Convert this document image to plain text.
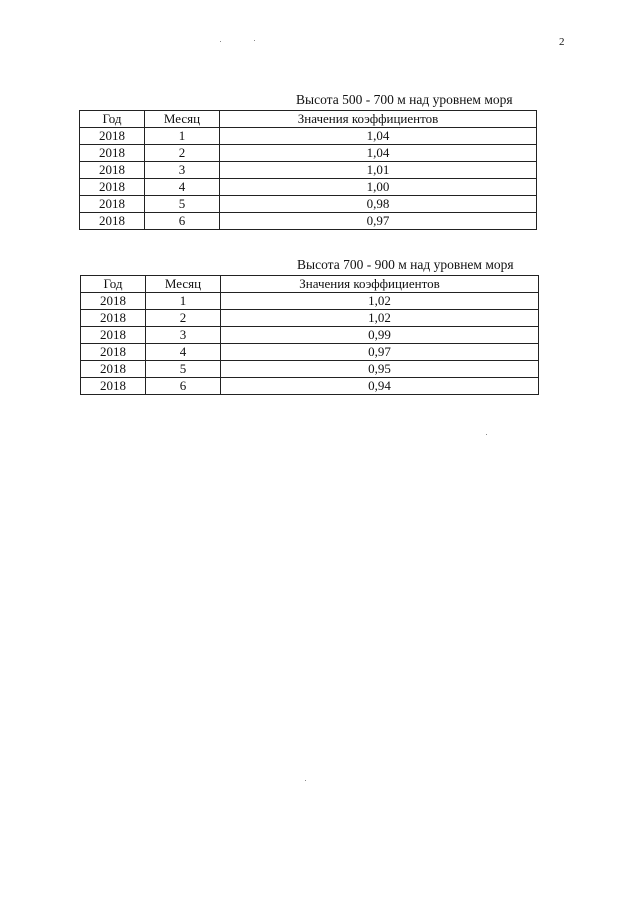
2
Высота 500 - 700 м над уровнем моря
Год	Месяц	Значения коэффициентов
2018	1	1,04
2018	2	1,04
2018	3	1,01
2018	4	1,00
2018	5	0,98
2018	6	0,97
Высота 700 - 900 м над уровнем моря
Год	Месяц	Значения коэффициентов
2018	1	1,02
2018	2	1,02
2018	3	0,99
2018	4	0,97
2018	5	0,95
2018	6	0,94
